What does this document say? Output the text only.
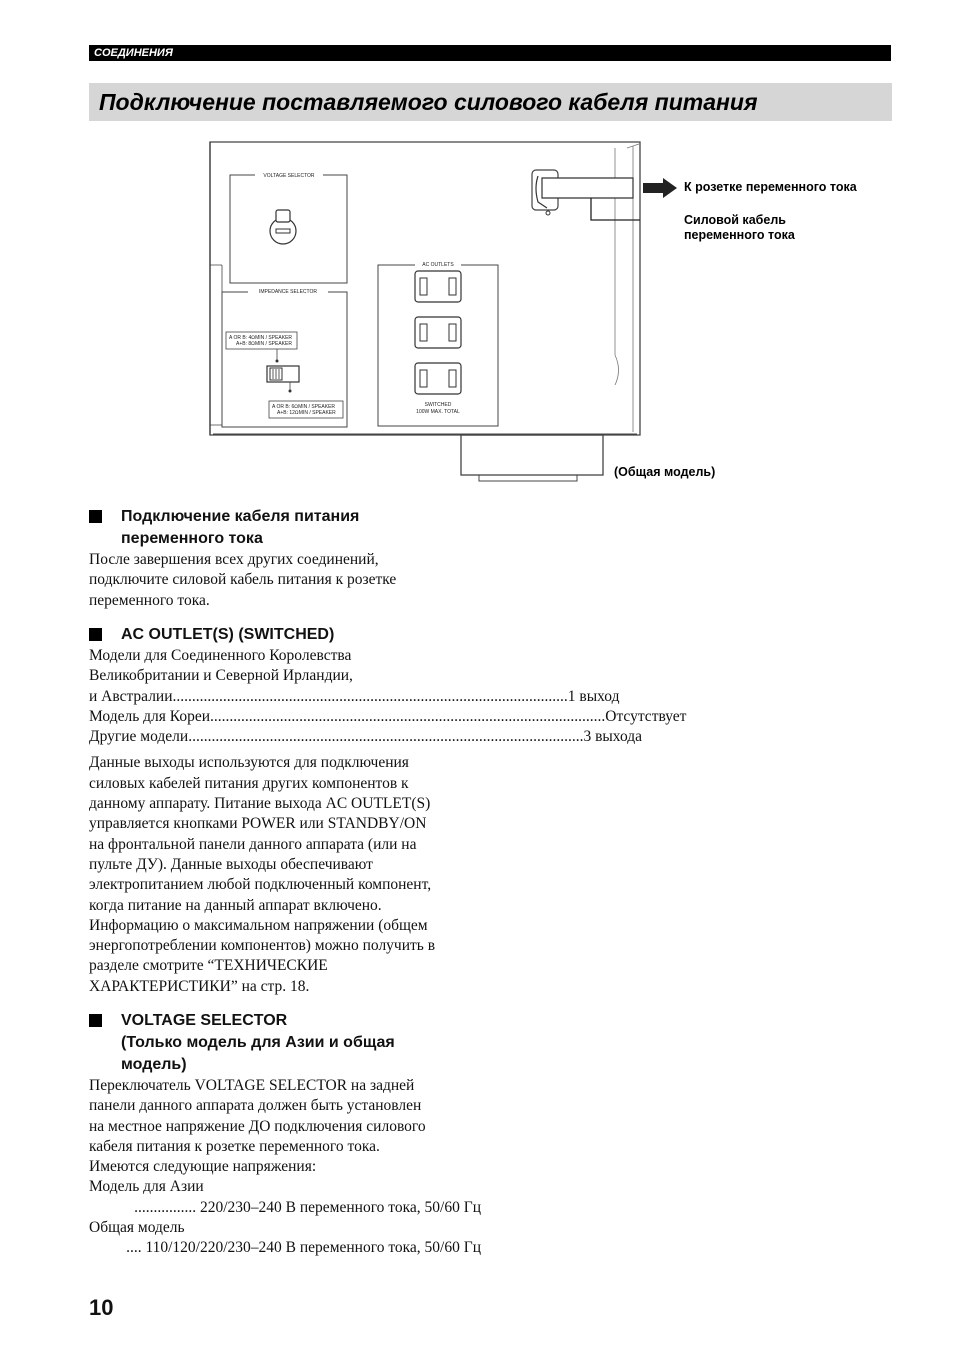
СОЕДИНЕНИЯ
Подключение поставляемого силового кабеля питания
VOLTAGE SELECTOR
IMPEDANCE SELECTOR
A OR B: 4ΩMIN / SPEAKER
A+B: 8ΩMIN / SPEAKER
A OR B: 6ΩMIN / SPEAKER
A+B: 12ΩMIN / SPEAKER
AC OUTLETS
SWITCHED
100W MAX. TOTAL
К розетке переменного тока
Силовой кабель
переменного тока
(Общая модель)
Подключение кабеля питания
переменного тока

После завершения всех других соединений,
подключите силовой кабель питания к розетке
переменного тока.

AC OUTLET(S) (SWITCHED)

Модели для Соединенного Королевства
Великобритании и Северной Ирландии,

и Австралии ...................................................................................................... 1 выход
Модель для Кореи ...................................................................................................... Отсутствует
Другие модели ...................................................................................................... 3 выхода

Данные выходы используются для подключения
силовых кабелей питания других компонентов к
данному аппарату. Питание выхода AC OUTLET(S)
управляется кнопками POWER или STANDBY/ON
на фронтальной панели данного аппарата (или на
пульте ДУ). Данные выходы обеспечивают
электропитанием любой подключенный компонент,
когда питание на данный аппарат включено.
Информацию о максимальном напряжении (общем
энергопотреблении компонентов) можно получить в
разделе смотрите “ТЕХНИЧЕСКИЕ
ХАРАКТЕРИСТИКИ” на стр. 18.

VOLTAGE SELECTOR
(Только модель для Азии и общая
модель)

Переключатель VOLTAGE SELECTOR на задней
панели данного аппарата должен быть установлен
на местное напряжение ДО подключения силового
кабеля питания к розетке переменного тока.
Имеются следующие напряжения:
Модель для Азии
................ 220/230–240 В переменного тока, 50/60 Гц
Общая модель
.... 110/120/220/230–240 В переменного тока, 50/60 Гц

10
